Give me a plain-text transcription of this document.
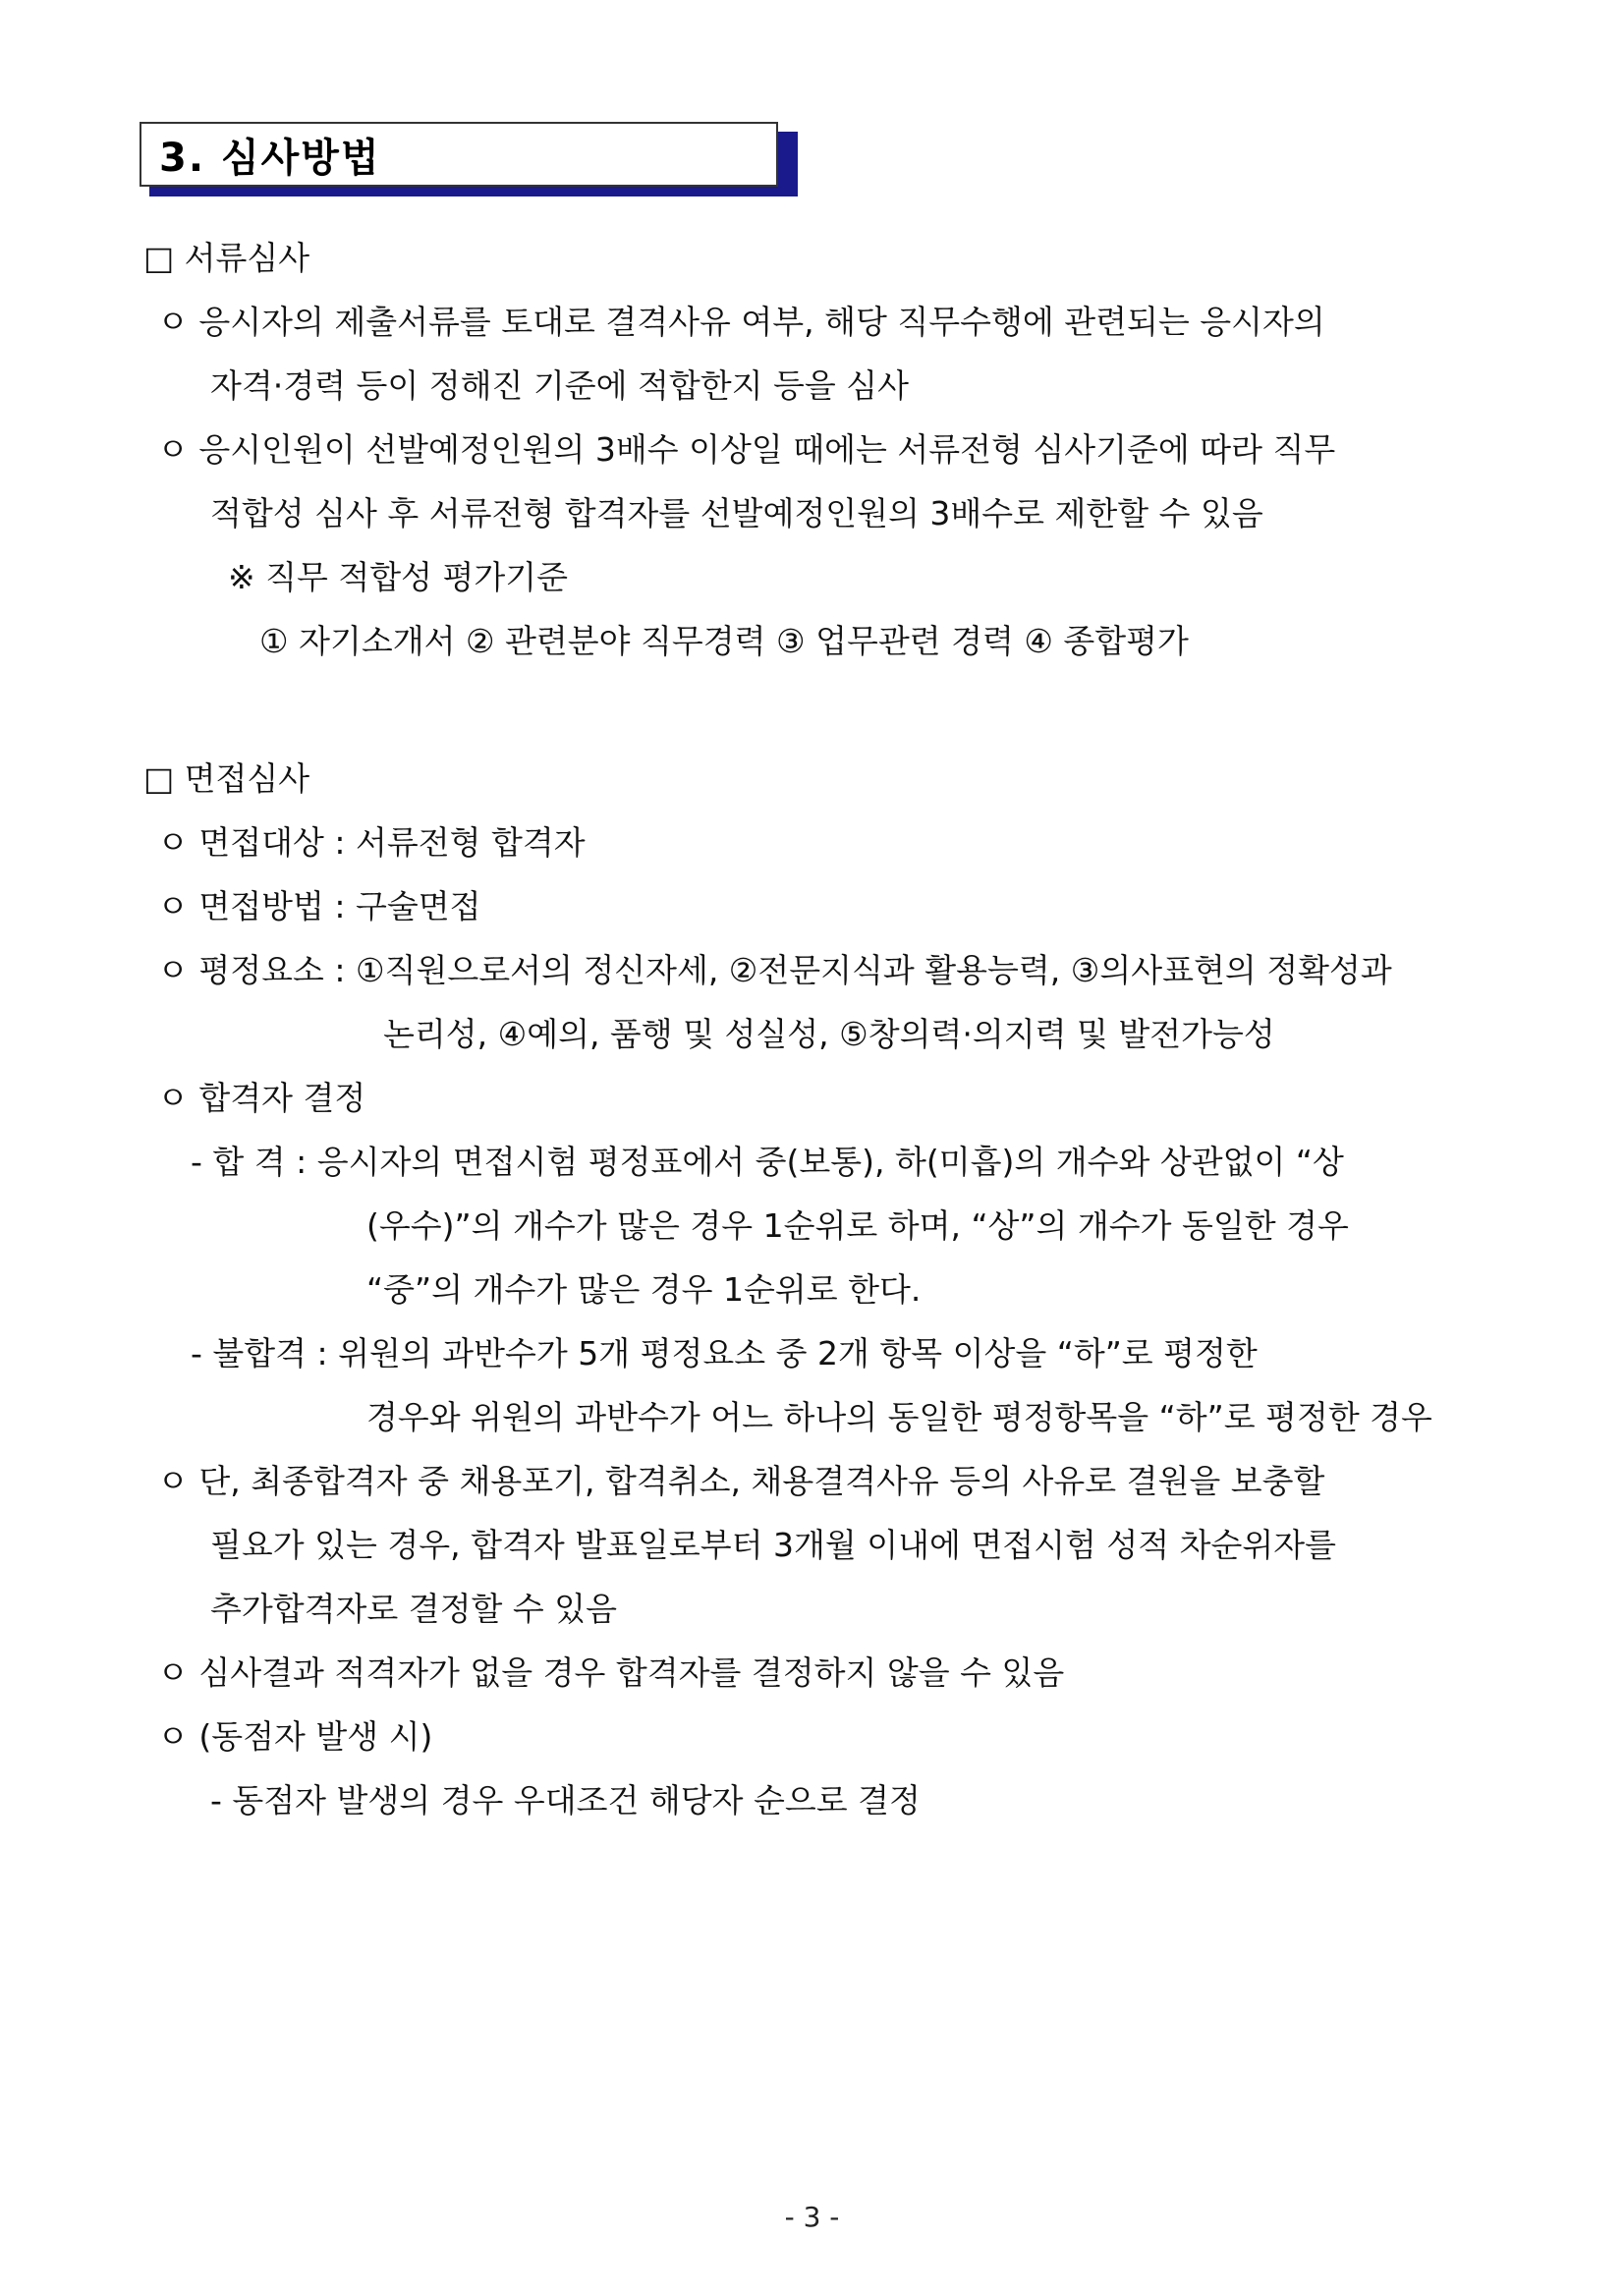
3. 심사방법
□ 서류심사
ㅇ 응시자의 제출서류를 토대로 결격사유 여부, 해당 직무수행에 관련되는 응시자의
자격·경력 등이 정해진 기준에 적합한지 등을 심사
ㅇ 응시인원이 선발예정인원의 3배수 이상일 때에는 서류전형 심사기준에 따라 직무
적합성 심사 후 서류전형 합격자를 선발예정인원의 3배수로 제한할 수 있음
※ 직무 적합성 평가기준
① 자기소개서 ② 관련분야 직무경력 ③ 업무관련 경력 ④ 종합평가
□ 면접심사
ㅇ 면접대상 : 서류전형 합격자
ㅇ 면접방법 : 구술면접
ㅇ 평정요소 : ①직원으로서의 정신자세, ②전문지식과 활용능력, ③의사표현의 정확성과
논리성, ④예의, 품행 및 성실성, ⑤창의력·의지력 및 발전가능성
ㅇ 합격자 결정
- 합 격 : 응시자의 면접시험 평정표에서 중(보통), 하(미흡)의 개수와 상관없이 “상
(우수)”의 개수가 많은 경우 1순위로 하며, “상”의 개수가 동일한 경우
“중”의 개수가 많은 경우 1순위로 한다.
- 불합격 : 위원의 과반수가 5개 평정요소 중 2개 항목 이상을 “하”로 평정한
경우와 위원의 과반수가 어느 하나의 동일한 평정항목을 “하”로 평정한 경우
ㅇ 단, 최종합격자 중 채용포기, 합격취소, 채용결격사유 등의 사유로 결원을 보충할
필요가 있는 경우, 합격자 발표일로부터 3개월 이내에 면접시험 성적 차순위자를
추가합격자로 결정할 수 있음
ㅇ 심사결과 적격자가 없을 경우 합격자를 결정하지 않을 수 있음
ㅇ (동점자 발생 시)
- 동점자 발생의 경우 우대조건 해당자 순으로 결정
- 3 -
